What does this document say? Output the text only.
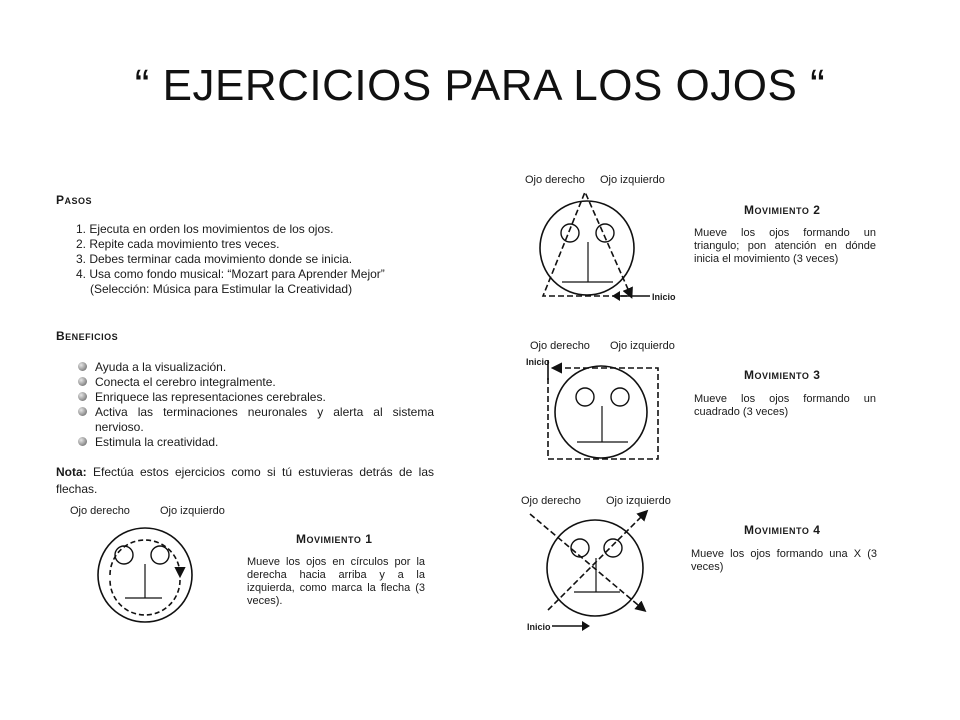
“ EJERCICIOS PARA LOS OJOS “
PASOS
1. Ejecuta en orden los movimientos de los ojos.
2. Repite cada movimiento tres veces.
3. Debes terminar cada movimiento donde se inicia.
4. Usa como fondo musical: “Mozart para Aprender Mejor”
(Selección: Música para Estimular la Creatividad)
BENEFICIOS
Ayuda a la visualización.
Conecta el cerebro integralmente.
Enriquece las representaciones cerebrales.
Activa las terminaciones neuronales y alerta al sistema nervioso.
Estimula la creatividad.
Nota: Efectúa estos ejercicios como si tú estuvieras detrás de las flechas.
Ojo derecho	Ojo izquierdo
MOVIMIENTO 1
Mueve los ojos en círculos por la derecha hacia arriba y a la izquierda, como marca la flecha (3 veces).
Ojo derecho Ojo izquierdo
Inicio
MOVIMIENTO 2
Mueve los ojos formando un triangulo; pon atención en dónde inicia el movimiento (3 veces)
Ojo derecho Ojo izquierdo
Inicio
MOVIMIENTO 3
Mueve los ojos formando un cuadrado (3 veces)
Ojo derecho Ojo izquierdo
Inicio
MOVIMIENTO 4
Mueve los ojos formando una X (3 veces)
